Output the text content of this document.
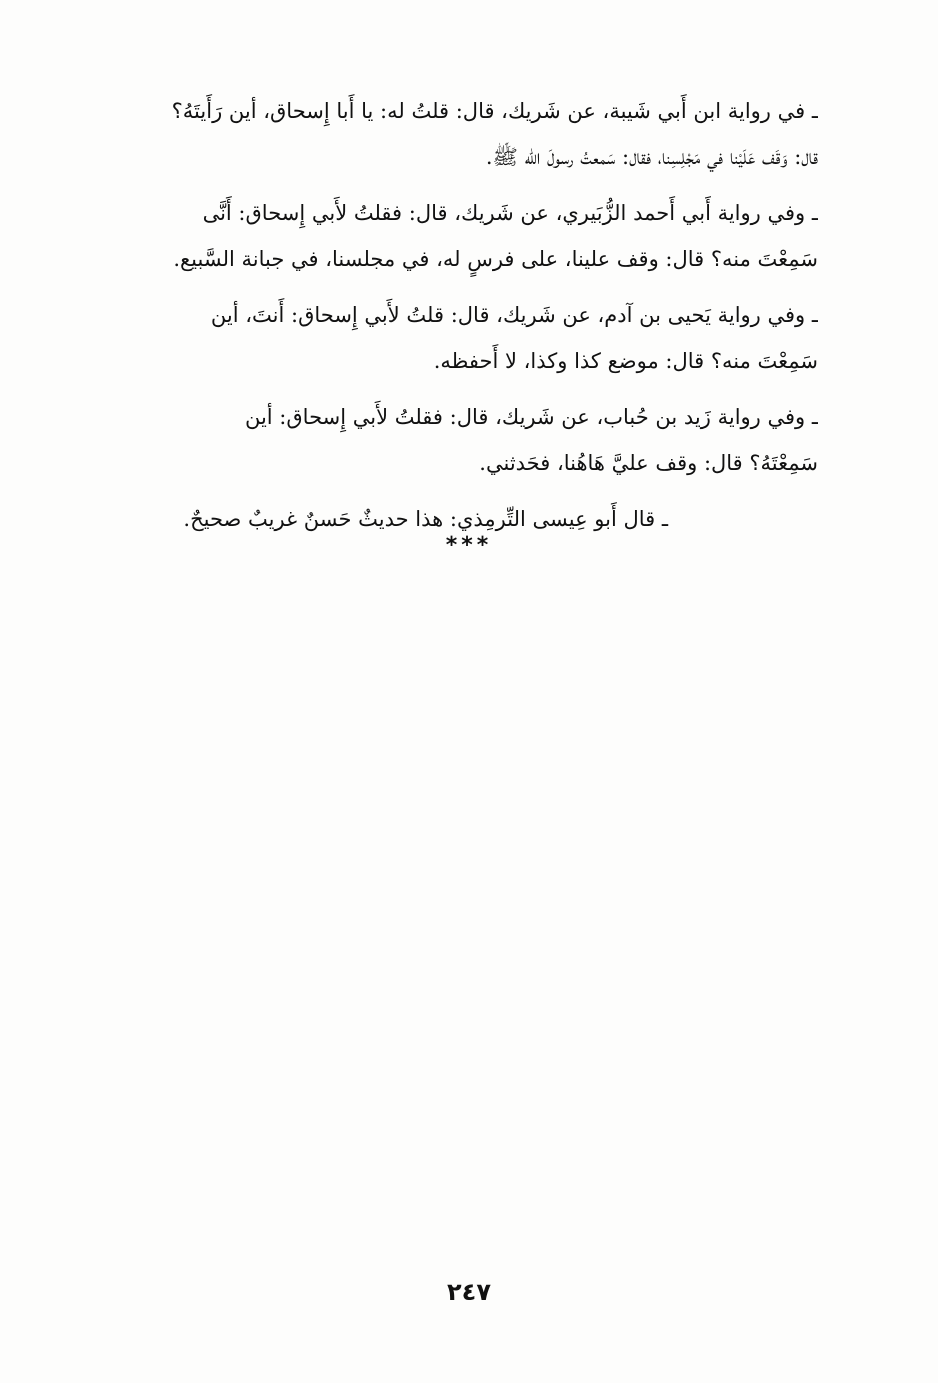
ـ في رواية ابن أَبي شَيبة، عن شَريك، قال: قلتُ له: يا أَبا إِسحاق، أين رَأَيتَهُ؟
قال: وَقَف عَلَيْنا في مَجْلِسِنا، فقال: سَمعتُ رسولَ الله ﷺ.

ـ وفي رواية أَبي أَحمد الزُّبَيري، عن شَريك، قال: فقلتُ لأَبي إِسحاق: أَنَّى
سَمِعْتَ منه؟ قال: وقف علينا، على فرسٍ له، في مجلسنا، في جبانة السَّبيع.

ـ وفي رواية يَحيى بن آدم، عن شَريك، قال: قلتُ لأَبي إِسحاق: أَنتَ، أين
سَمِعْتَ منه؟ قال: موضع كذا وكذا، لا أَحفظه.

ـ وفي رواية زَيد بن حُباب، عن شَريك، قال: فقلتُ لأَبي إِسحاق: أين
سَمِعْتَهُ؟ قال: وقف عليَّ هَاهُنا، فحَدثني.

ـ قال أَبو عِيسى التِّرمِذي: هذا حديثٌ حَسنٌ غريبٌ صحيحٌ.

***
٢٤٧
